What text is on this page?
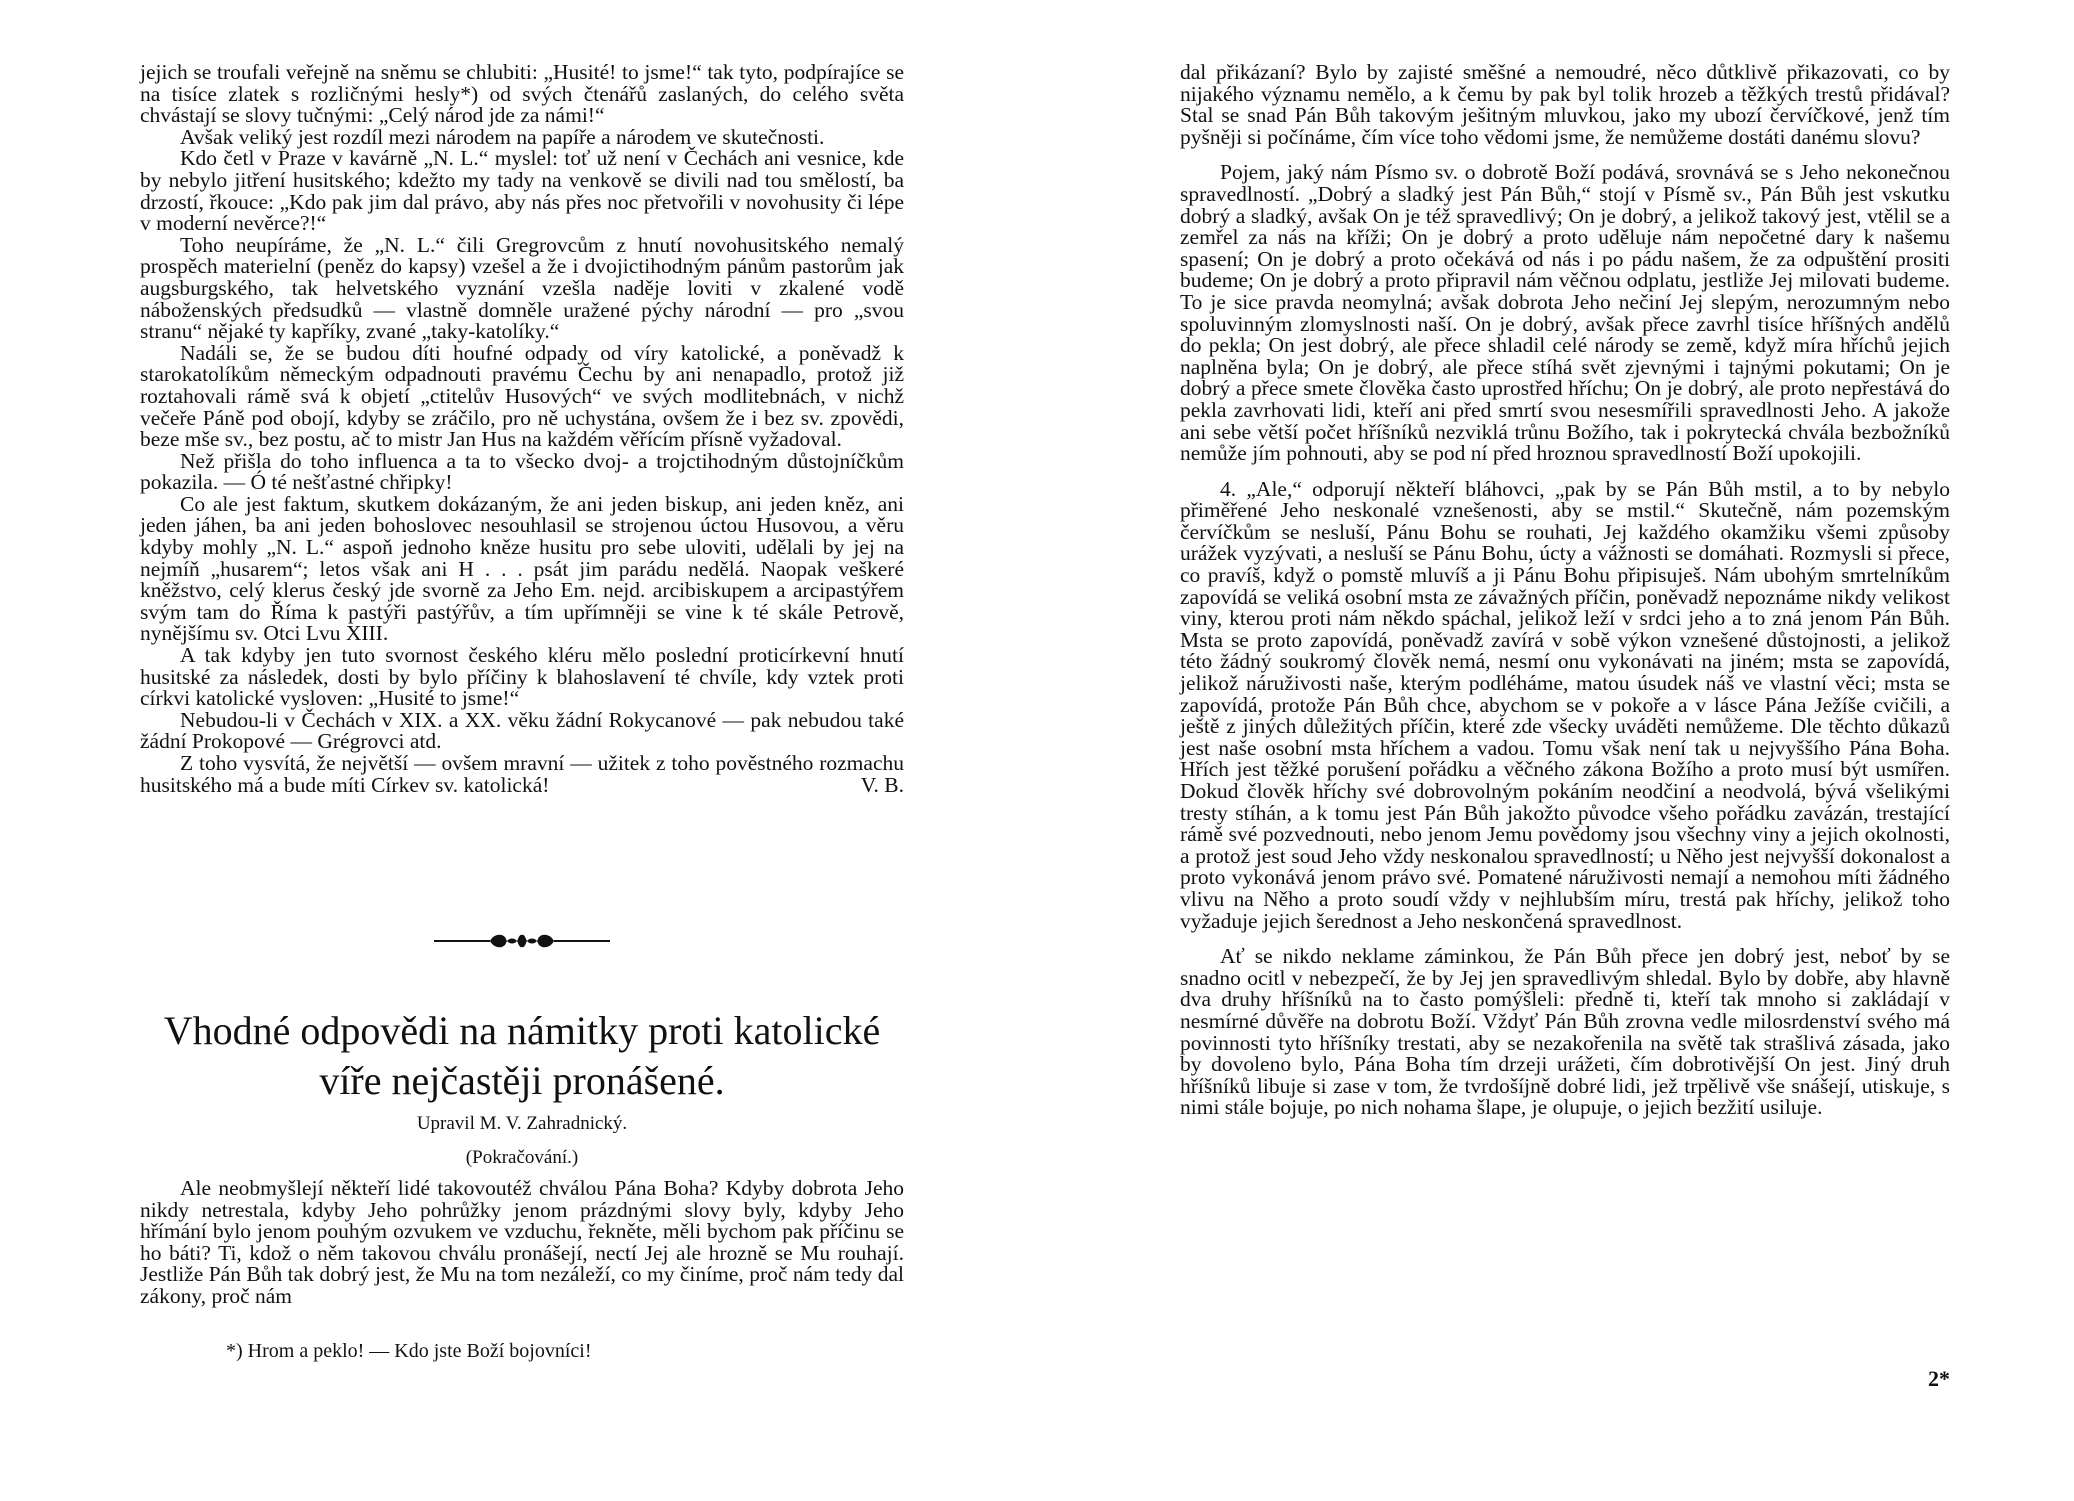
jejich se troufali veřejně na sněmu se chlubiti: „Husité! to jsme!“ tak tyto, podpírajíce se na tisíce zlatek s rozličnými hesly*) od svých čtenářů zaslaných, do celého světa chvástají se slovy tučnými: „Celý národ jde za námi!“

Avšak veliký jest rozdíl mezi národem na papíře a národem ve skutečnosti.

Kdo četl v Praze v kavárně „N. L.“ myslel: toť už není v Čechách ani vesnice, kde by nebylo jitření husitského; kdežto my tady na venkově se divili nad tou smělostí, ba drzostí, řkouce: „Kdo pak jim dal právo, aby nás přes noc přetvořili v novohusity či lépe v moderní nevěrce?!“

Toho neupíráme, že „N. L.“ čili Gregrovcům z hnutí novohusitského nemalý prospěch materielní (peněz do kapsy) vzešel a že i dvojictihodným pánům pastorům jak augsburgského, tak helvetského vyznání vzešla naděje loviti v zkalené vodě náboženských předsudků — vlastně domněle uražené pýchy národní — pro „svou stranu“ nějaké ty kapříky, zvané „taky-katolíky.“

Nadáli se, že se budou díti houfné odpady od víry katolické, a poněvadž k starokatolíkům německým odpadnouti pravému Čechu by ani nenapadlo, protož již roztahovali rámě svá k objetí „ctitelův Husových“ ve svých modlitebnách, v nichž večeře Páně pod obojí, kdyby se zráčilo, pro ně uchystána, ovšem že i bez sv. zpovědi, beze mše sv., bez postu, ač to mistr Jan Hus na každém věřícím přísně vyžadoval.

Než přišla do toho influenca a ta to všecko dvoj- a trojctihodným důstojníčkům pokazila. — Ó té nešťastné chřipky!

Co ale jest faktum, skutkem dokázaným, že ani jeden biskup, ani jeden kněz, ani jeden jáhen, ba ani jeden bohoslovec nesouhlasil se strojenou úctou Husovou, a věru kdyby mohly „N. L.“ aspoň jednoho kněze husitu pro sebe uloviti, udělali by jej na nejmíň „husarem“; letos však ani H . . . psát jim parádu nedělá. Naopak veškeré kněžstvo, celý klerus český jde svorně za Jeho Em. nejd. arcibiskupem a arcipastýřem svým tam do Říma k pastýři pastýřův, a tím upřímněji se vine k té skále Petrově, nynějšímu sv. Otci Lvu XIII.

A tak kdyby jen tuto svornost českého kléru mělo poslední proticírkevní hnutí husitské za následek, dosti by bylo příčiny k blahoslavení té chvíle, kdy vztek proti církvi katolické vysloven: „Husité to jsme!“

Nebudou-li v Čechách v XIX. a XX. věku žádní Rokycanové — pak nebudou také žádní Prokopové — Grégrovci atd.

Z toho vysvítá, že největší — ovšem mravní — užitek z toho pověstného rozmachu husitského má a bude míti Církev sv. katolická!	V. B.

Vhodné odpovědi na námitky proti katolické víře nejčastěji pronášené.
Upravil M. V. Zahradnický.
(Pokračování.)

Ale neobmyšlejí někteří lidé takovoutéž chválou Pána Boha? Kdyby dobrota Jeho nikdy netrestala, kdyby Jeho pohrůžky jenom prázdnými slovy byly, kdyby Jeho hřímání bylo jenom pouhým ozvukem ve vzduchu, řekněte, měli bychom pak příčinu se ho báti? Ti, kdož o něm takovou chválu pronášejí, nectí Jej ale hrozně se Mu rouhají. Jestliže Pán Bůh tak dobrý jest, že Mu na tom nezáleží, co my činíme, proč nám tedy dal zákony, proč nám

*) Hrom a peklo! — Kdo jste Boží bojovníci!

dal přikázaní? Bylo by zajisté směšné a nemoudré, něco důtklivě přikazovati, co by nijakého významu nemělo, a k čemu by pak byl tolik hrozeb a těžkých trestů přidával? Stal se snad Pán Bůh takovým ješitným mluvkou, jako my ubozí červíčkové, jenž tím pyšněji si počínáme, čím více toho vědomi jsme, že nemůžeme dostáti danému slovu?

Pojem, jaký nám Písmo sv. o dobrotě Boží podává, srovnává se s Jeho nekonečnou spravedlností. „Dobrý a sladký jest Pán Bůh,“ stojí v Písmě sv., Pán Bůh jest vskutku dobrý a sladký, avšak On je též spravedlivý; On je dobrý, a jelikož takový jest, vtělil se a zemřel za nás na kříži; On je dobrý a proto uděluje nám nepočetné dary k našemu spasení; On je dobrý a proto očekává od nás i po pádu našem, že za odpuštění prositi budeme; On je dobrý a proto připravil nám věčnou odplatu, jestliže Jej milovati budeme. To je sice pravda neomylná; avšak dobrota Jeho nečiní Jej slepým, nerozumným nebo spoluvinným zlomyslnosti naší. On je dobrý, avšak přece zavrhl tisíce hříšných andělů do pekla; On jest dobrý, ale přece shladil celé národy se země, když míra hříchů jejich naplněna byla; On je dobrý, ale přece stíhá svět zjevnými i tajnými pokutami; On je dobrý a přece smete člověka často uprostřed hříchu; On je dobrý, ale proto nepřestává do pekla zavrhovati lidi, kteří ani před smrtí svou nesesmířili spravedlnosti Jeho. A jakože ani sebe větší počet hříšníků nezviklá trůnu Božího, tak i pokrytecká chvála bezbožníků nemůže jím pohnouti, aby se pod ní před hroznou spravedlností Boží upokojili.

4. „Ale,“ odporují někteří bláhovci, „pak by se Pán Bůh mstil, a to by nebylo přiměřené Jeho neskonalé vznešenosti, aby se mstil.“ Skutečně, nám pozemským červíčkům se nesluší, Pánu Bohu se rouhati, Jej každého okamžiku všemi způsoby urážek vyzývati, a nesluší se Pánu Bohu, úcty a vážnosti se domáhati. Rozmysli si přece, co pravíš, když o pomstě mluvíš a ji Pánu Bohu připisuješ. Nám ubohým smrtelníkům zapovídá se veliká osobní msta ze závažných příčin, poněvadž nepoznáme nikdy velikost viny, kterou proti nám někdo spáchal, jelikož leží v srdci jeho a to zná jenom Pán Bůh. Msta se proto zapovídá, poněvadž zavírá v sobě výkon vznešené důstojnosti, a jelikož této žádný soukromý člověk nemá, nesmí onu vykonávati na jiném; msta se zapovídá, jelikož náruživosti naše, kterým podléháme, matou úsudek náš ve vlastní věci; msta se zapovídá, protože Pán Bůh chce, abychom se v pokoře a v lásce Pána Ježíše cvičili, a ještě z jiných důležitých příčin, které zde všecky uváděti nemůžeme. Dle těchto důkazů jest naše osobní msta hříchem a vadou. Tomu však není tak u nejvyššího Pána Boha. Hřích jest těžké porušení pořádku a věčného zákona Božího a proto musí být usmířen. Dokud člověk hříchy své dobrovolným pokáním neodčiní a neodvolá, bývá všelikými tresty stíhán, a k tomu jest Pán Bůh jakožto původce všeho pořádku zavázán, trestající rámě své pozvednouti, nebo jenom Jemu povědomy jsou všechny viny a jejich okolnosti, a protož jest soud Jeho vždy neskonalou spravedlností; u Něho jest nejvyšší dokonalost a proto vykonává jenom právo své. Pomatené náruživosti nemají a nemohou míti žádného vlivu na Něho a proto soudí vždy v nejhlubším míru, trestá pak hříchy, jelikož toho vyžaduje jejich šerednost a Jeho neskončená spravedlnost.

Ať se nikdo neklame záminkou, že Pán Bůh přece jen dobrý jest, neboť by se snadno ocitl v nebezpečí, že by Jej jen spravedlivým shledal. Bylo by dobře, aby hlavně dva druhy hříšníků na to často pomýšleli: předně ti, kteří tak mnoho si zakládají v nesmírné důvěře na dobrotu Boží. Vždyť Pán Bůh zrovna vedle milosrdenství svého má povinnosti tyto hříšníky trestati, aby se nezakořenila na světě tak strašlivá zásada, jako by dovoleno bylo, Pána Boha tím drzeji urážeti, čím dobrotivější On jest. Jiný druh hříšníků libuje si zase v tom, že tvrdošíjně dobré lidi, jež trpělivě vše snášejí, utiskuje, s nimi stále bojuje, po nich nohama šlape, je olupuje, o jejich bezžití usiluje.

2*
